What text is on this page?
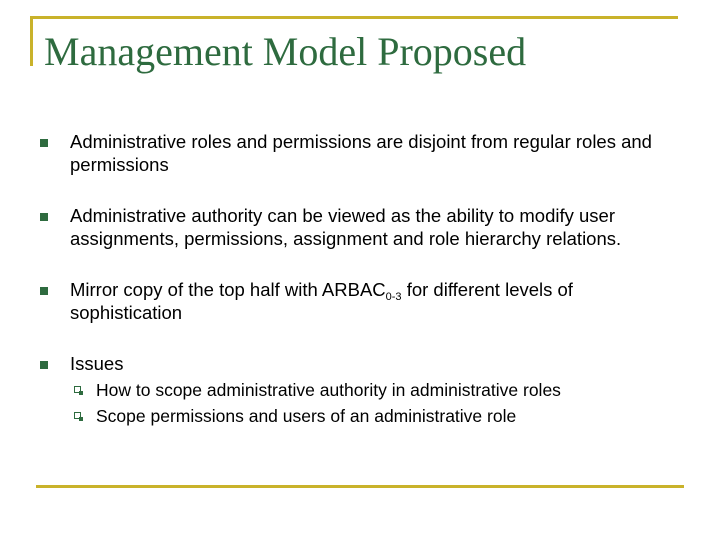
Management Model Proposed
Administrative roles and permissions are disjoint from regular roles and permissions
Administrative authority can be viewed as the ability to modify user assignments, permissions, assignment and role hierarchy relations.
Mirror copy of the top half with $ARBAC_{0-3}$ for different levels of sophistication
Issues
How to scope administrative authority in administrative roles
Scope permissions and users of an administrative role
